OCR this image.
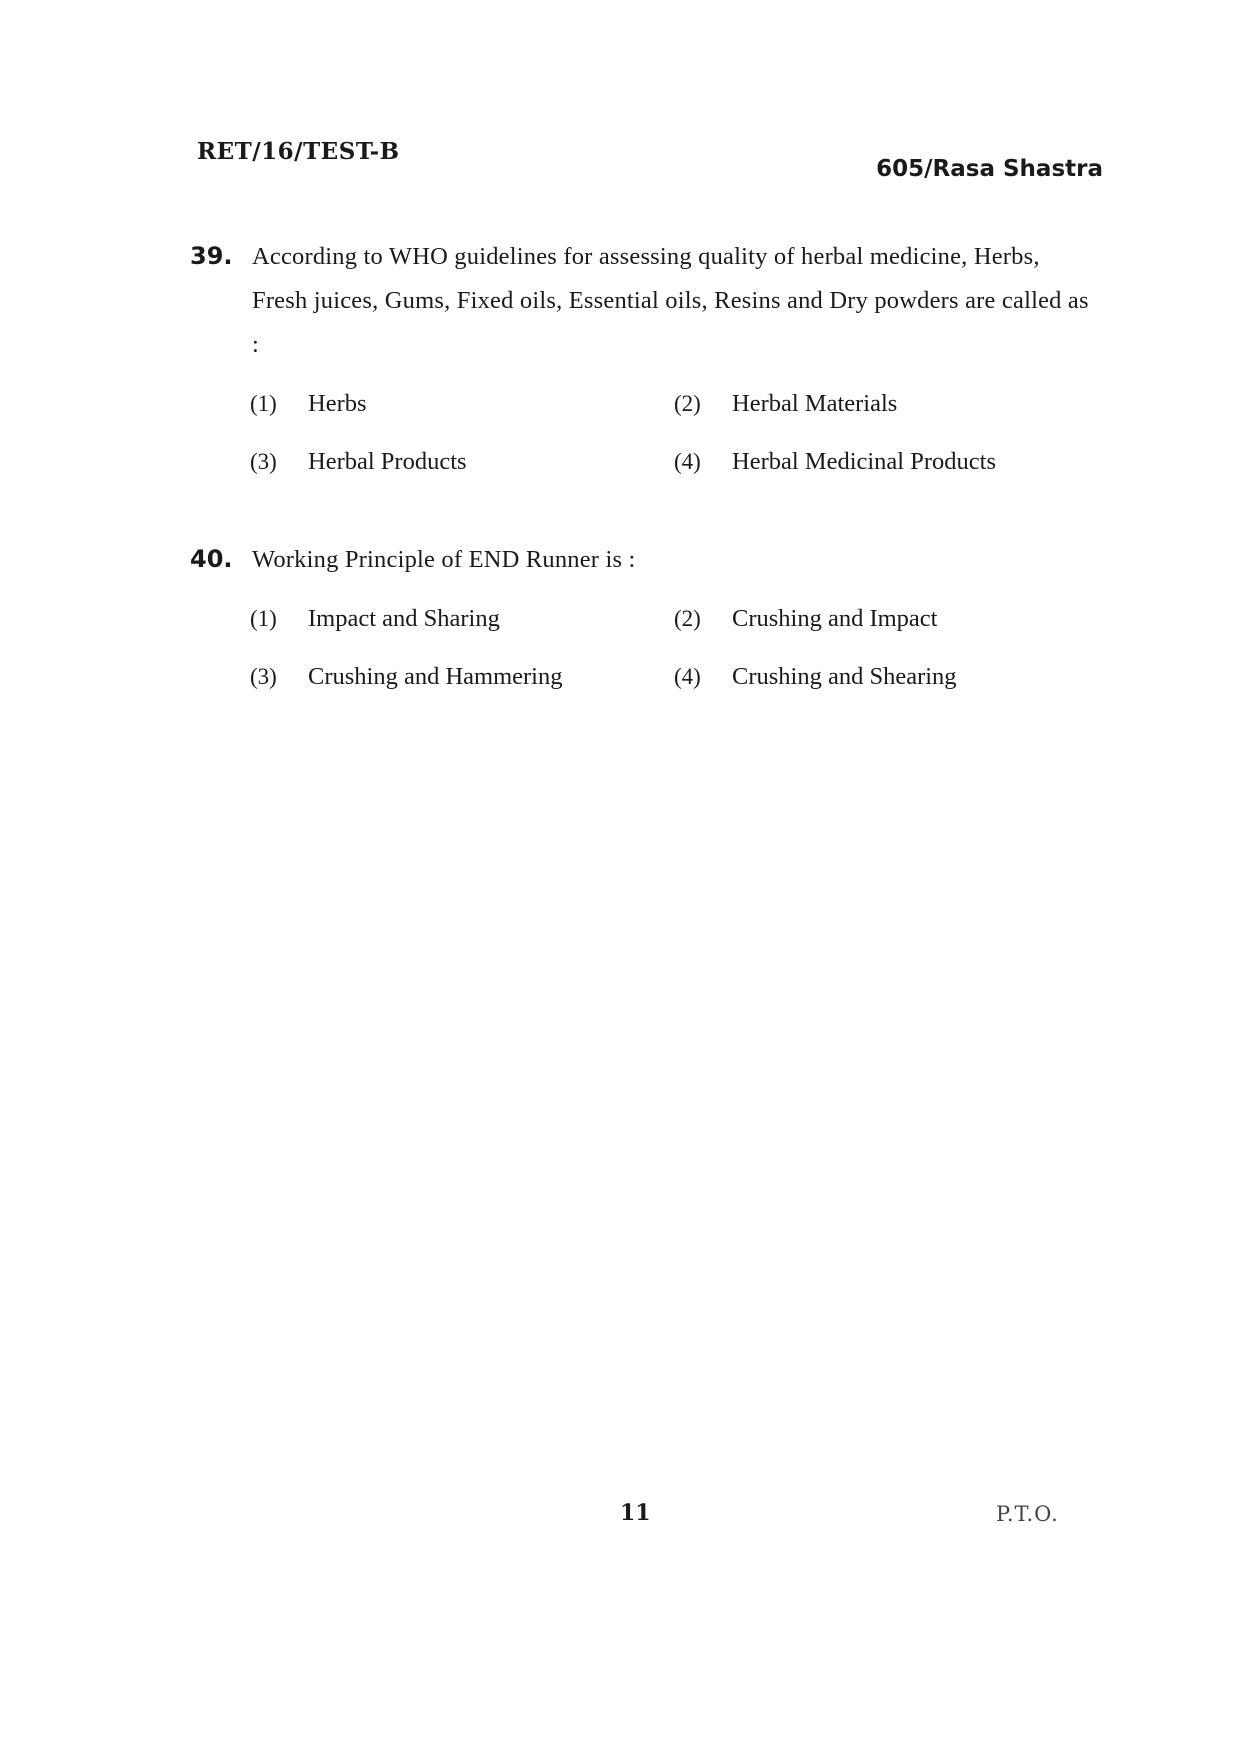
RET/16/TEST-B
605/Rasa Shastra
39. According to WHO guidelines for assessing quality of herbal medicine, Herbs, Fresh juices, Gums, Fixed oils, Essential oils, Resins and Dry powders are called as :
(1)	Herbs	(2)	Herbal Materials
(3)	Herbal Products	(4)	Herbal Medicinal Products
40. Working Principle of END Runner is :
(1)	Impact and Sharing	(2)	Crushing and Impact
(3)	Crushing and Hammering	(4)	Crushing and Shearing
11	P.T.O.
